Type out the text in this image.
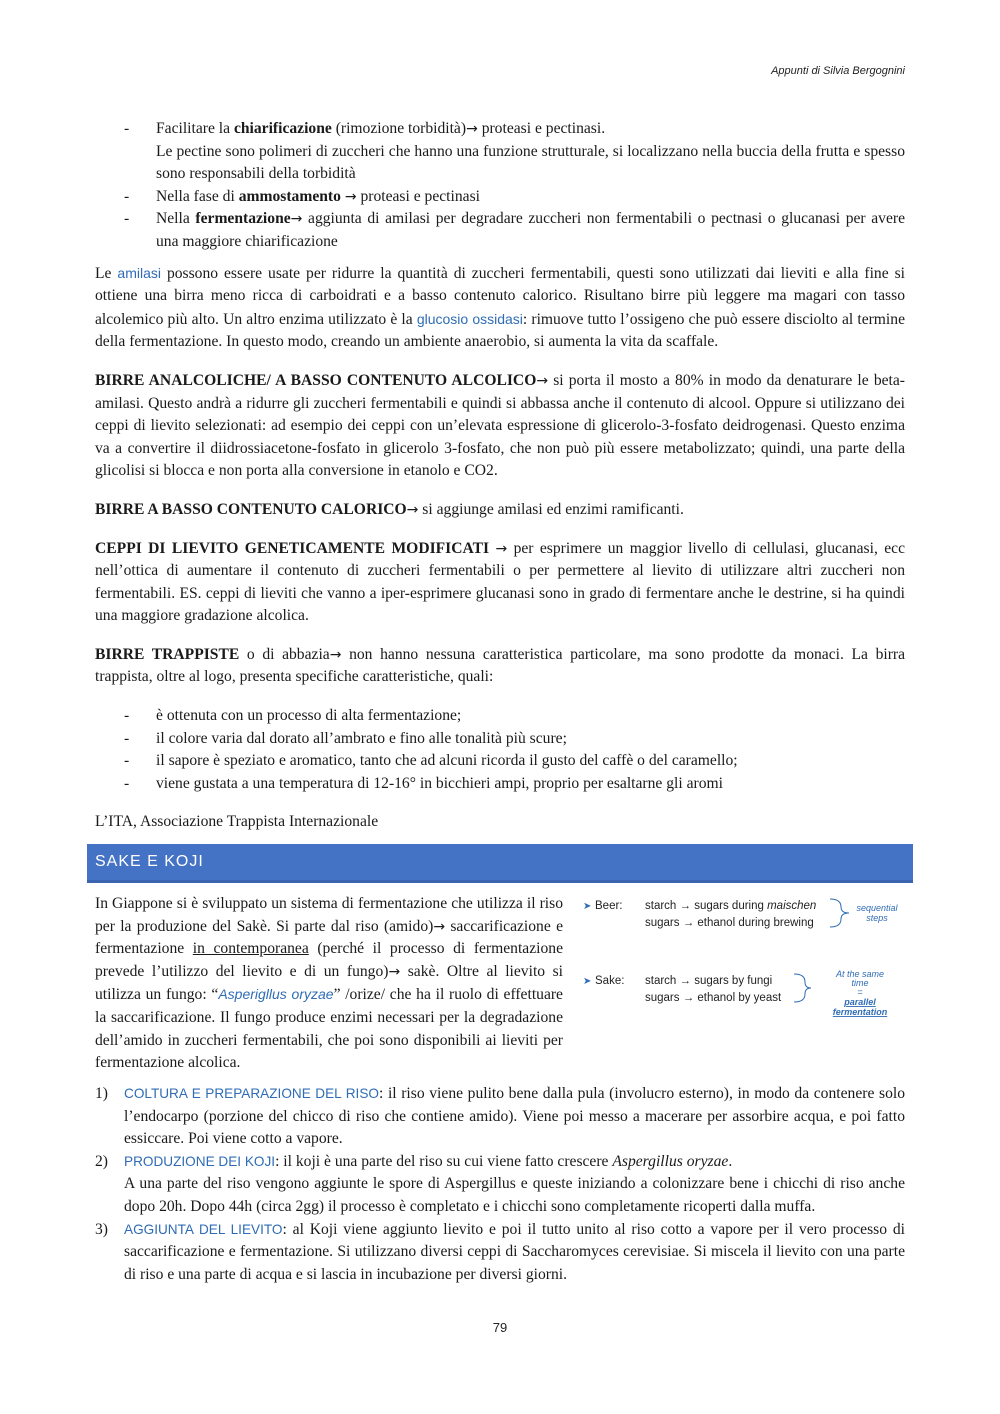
Appunti di Silvia Bergognini
- Facilitare la chiarificazione (rimozione torbidità)→ proteasi e pectinasi.
Le pectine sono polimeri di zuccheri che hanno una funzione strutturale, si localizzano nella buccia della frutta e spesso sono responsabili della torbidità
- Nella fase di ammostamento → proteasi e pectinasi
- Nella fermentazione→ aggiunta di amilasi per degradare zuccheri non fermentabili o pectnasi o glucanasi per avere una maggiore chiarificazione

Le amilasi possono essere usate per ridurre la quantità di zuccheri fermentabili, questi sono utilizzati dai lieviti e alla fine si ottiene una birra meno ricca di carboidrati e a basso contenuto calorico. Risultano birre più leggere ma magari con tasso alcolemico più alto. Un altro enzima utilizzato è la glucosio ossidasi: rimuove tutto l’ossigeno che può essere disciolto al termine della fermentazione. In questo modo, creando un ambiente anaerobio, si aumenta la vita da scaffale.

BIRRE ANALCOLICHE/ A BASSO CONTENUTO ALCOLICO→ si porta il mosto a 80% in modo da denaturare le beta-amilasi. Questo andrà a ridurre gli zuccheri fermentabili e quindi si abbassa anche il contenuto di alcool. Oppure si utilizzano dei ceppi di lievito selezionati: ad esempio dei ceppi con un’elevata espressione di glicerolo-3-fosfato deidrogenasi. Questo enzima va a convertire il diidrossiacetone-fosfato in glicerolo 3-fosfato, che non può più essere metabolizzato; quindi, una parte della glicolisi si blocca e non porta alla conversione in etanolo e CO2.

BIRRE A BASSO CONTENUTO CALORICO→ si aggiunge amilasi ed enzimi ramificanti.

CEPPI DI LIEVITO GENETICAMENTE MODIFICATI → per esprimere un maggior livello di cellulasi, glucanasi, ecc nell’ottica di aumentare il contenuto di zuccheri fermentabili o per permettere al lievito di utilizzare altri zuccheri non fermentabili. ES. ceppi di lieviti che vanno a iper-esprimere glucanasi sono in grado di fermentare anche le destrine, si ha quindi una maggiore gradazione alcolica.

BIRRE TRAPPISTE o di abbazia→ non hanno nessuna caratteristica particolare, ma sono prodotte da monaci. La birra trappista, oltre al logo, presenta specifiche caratteristiche, quali:

- è ottenuta con un processo di alta fermentazione;
- il colore varia dal dorato all’ambrato e fino alle tonalità più scure;
- il sapore è speziato e aromatico, tanto che ad alcuni ricorda il gusto del caffè o del caramello;
- viene gustata a una temperatura di 12-16° in bicchieri ampi, proprio per esaltarne gli aromi

L’ITA, Associazione Trappista Internazionale

SAKE E KOJI

In Giappone si è sviluppato un sistema di fermentazione che utilizza il riso per la produzione del Sakè. Si parte dal riso (amido)→ saccarificazione e fermentazione in contemporanea (perché il processo di fermentazione prevede l’utilizzo del lievito e di un fungo)→ sakè. Oltre al lievito si utilizza un fungo: “Asperigllus oryzae” /orize/ che ha il ruolo di effettuare la saccarificazione. Il fungo produce enzimi necessari per la degradazione dell’amido in zuccheri fermentabili, che poi sono disponibili ai lieviti per fermentazione alcolica.

➤ Beer: starch → sugars during maischen
sugars → ethanol during brewing
sequential
steps
➤ Sake: starch → sugars by fungi
sugars → ethanol by yeast
At the same
time
=
parallel
fermentation
1) COLTURA E PREPARAZIONE DEL RISO: il riso viene pulito bene dalla pula (involucro esterno), in modo da contenere solo l’endocarpo (porzione del chicco di riso che contiene amido). Viene poi messo a macerare per assorbire acqua, e poi fatto essiccare. Poi viene cotto a vapore.
2) PRODUZIONE DEI KOJI: il koji è una parte del riso su cui viene fatto crescere Aspergillus oryzae.
A una parte del riso vengono aggiunte le spore di Aspergillus e queste iniziando a colonizzare bene i chicchi di riso anche dopo 20h. Dopo 44h (circa 2gg) il processo è completato e i chicchi sono completamente ricoperti dalla muffa.
3) AGGIUNTA DEL LIEVITO: al Koji viene aggiunto lievito e poi il tutto unito al riso cotto a vapore per il vero processo di saccarificazione e fermentazione. Si utilizzano diversi ceppi di Saccharomyces cerevisiae. Si miscela il lievito con una parte di riso e una parte di acqua e si lascia in incubazione per diversi giorni.
79
